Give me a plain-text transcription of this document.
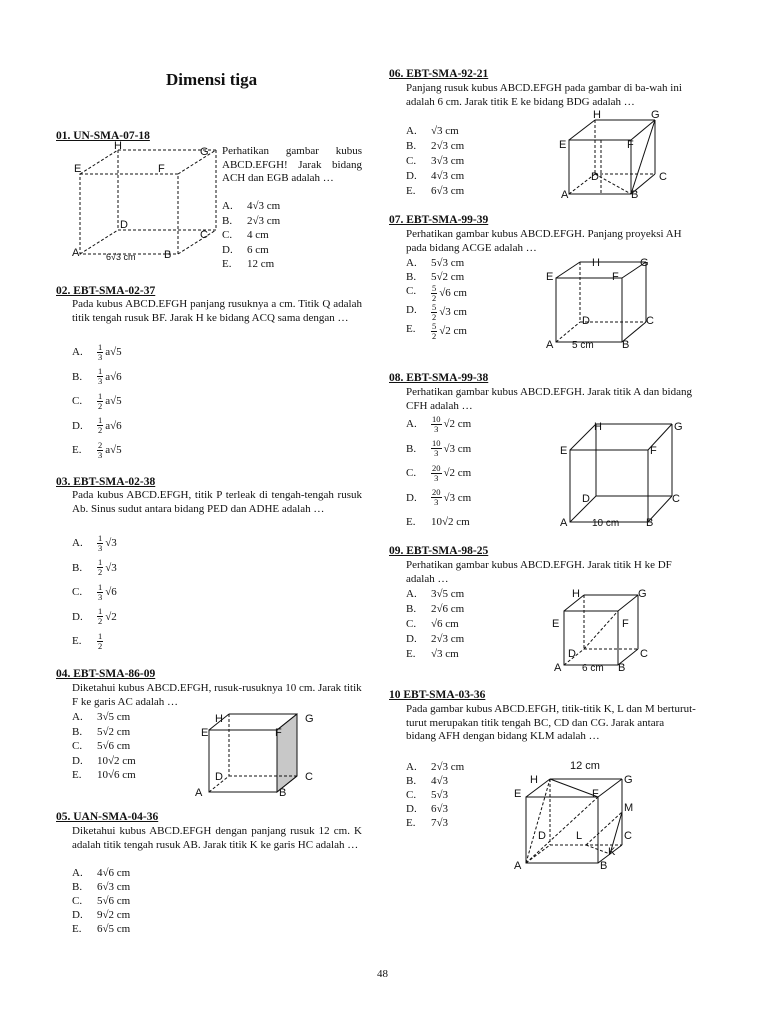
Dimensi tiga
01. UN-SMA-07-18
H	G
E	F
D
C
A	B
6√3 cm
Perhatikan gambar kubus ABCD.EFGH! Jarak bidang ACH dan EGB adalah …
A.	4√3 cm
B.	2√3 cm
C.	4 cm
D.	6 cm
E.	12 cm
02. EBT-SMA-02-37
Pada kubus ABCD.EFGH panjang rusuknya a cm. Titik Q adalah titik tengah rusuk BF. Jarak H ke bidang ACQ sama dengan …
A.	$\frac{1}{3} a√5$
B.	$\frac{1}{3} a√6$
C.	$\frac{1}{2} a√5$
D.	$\frac{1}{2} a√6$
E.	$\frac{2}{3} a√5$
03. EBT-SMA-02-38
Pada kubus ABCD.EFGH, titik P terleak di tengah-tengah rusuk Ab. Sinus sudut antara bidang PED dan ADHE adalah …
A.	$\frac{1}{3} √3$
B.	$\frac{1}{2} √3$
C.	$\frac{1}{3} √6$
D.	$\frac{1}{2} √2$
E.	$\frac{1}{2}$
04. EBT-SMA-86-09
Diketahui kubus ABCD.EFGH, rusuk-rusuknya 10 cm. Jarak titik F ke garis AC adalah …
A.	3√5 cm
B.	5√2 cm
C.	5√6 cm
D.	10√2 cm
E.	10√6 cm
H	G
E	F
D	C
A	B
05. UAN-SMA-04-36
Diketahui kubus ABCD.EFGH dengan panjang rusuk 12 cm. K adalah titik tengah rusuk AB. Jarak titik K ke garis HC adalah …
A.	4√6 cm
B.	6√3 cm
C.	5√6 cm
D.	9√2 cm
E.	6√5 cm
06. EBT-SMA-92-21
Panjang rusuk kubus ABCD.EFGH pada gambar di ba-wah ini adalah 6 cm. Jarak titik E ke bidang BDG adalah …
A.	√3 cm
B.	2√3 cm
C.	3√3 cm
D.	4√3 cm
E.	6√3 cm
H	G
E	F
D	C
A	B
07. EBT-SMA-99-39
Perhatikan gambar kubus ABCD.EFGH. Panjang proyeksi AH pada bidang ACGE adalah …
A.	5√3 cm
B.	5√2 cm
C.	$\frac{5}{2} √6$ cm
D.	$\frac{5}{2} √3$ cm
E.	$\frac{5}{2} √2$ cm
H	G
E	F
D	C
A 5 cm	B
08. EBT-SMA-99-38
Perhatikan gambar kubus ABCD.EFGH. Jarak titik A dan bidang CFH adalah …
A.	$\frac{10}{3} √2$ cm
B.	$\frac{10}{3} √3$ cm
C.	$\frac{20}{3} √2$ cm
D.	$\frac{20}{3} √3$ cm
E.	10√2 cm
H	G
E	F
D	C
A 10 cm B
09. EBT-SMA-98-25
Perhatikan gambar kubus ABCD.EFGH. Jarak titik H ke DF adalah …
A.	3√5 cm
B.	2√6 cm
C.	√6 cm
D.	2√3 cm
E.	√3 cm
H	G
E	F
D	C
A 6 cm B
10 EBT-SMA-03-36
Pada gambar kubus ABCD.EFGH, titik-titik K, L dan M berturut-turut merupakan titik tengah BC, CD dan CG. Jarak antara bidang AFH dengan bidang KLM adalah …
A.	2√3 cm
B.	4√3
C.	5√3
D.	6√3
E.	7√3
12 cm
H	G
E	F
M
D	L	C
K
A	B
48
